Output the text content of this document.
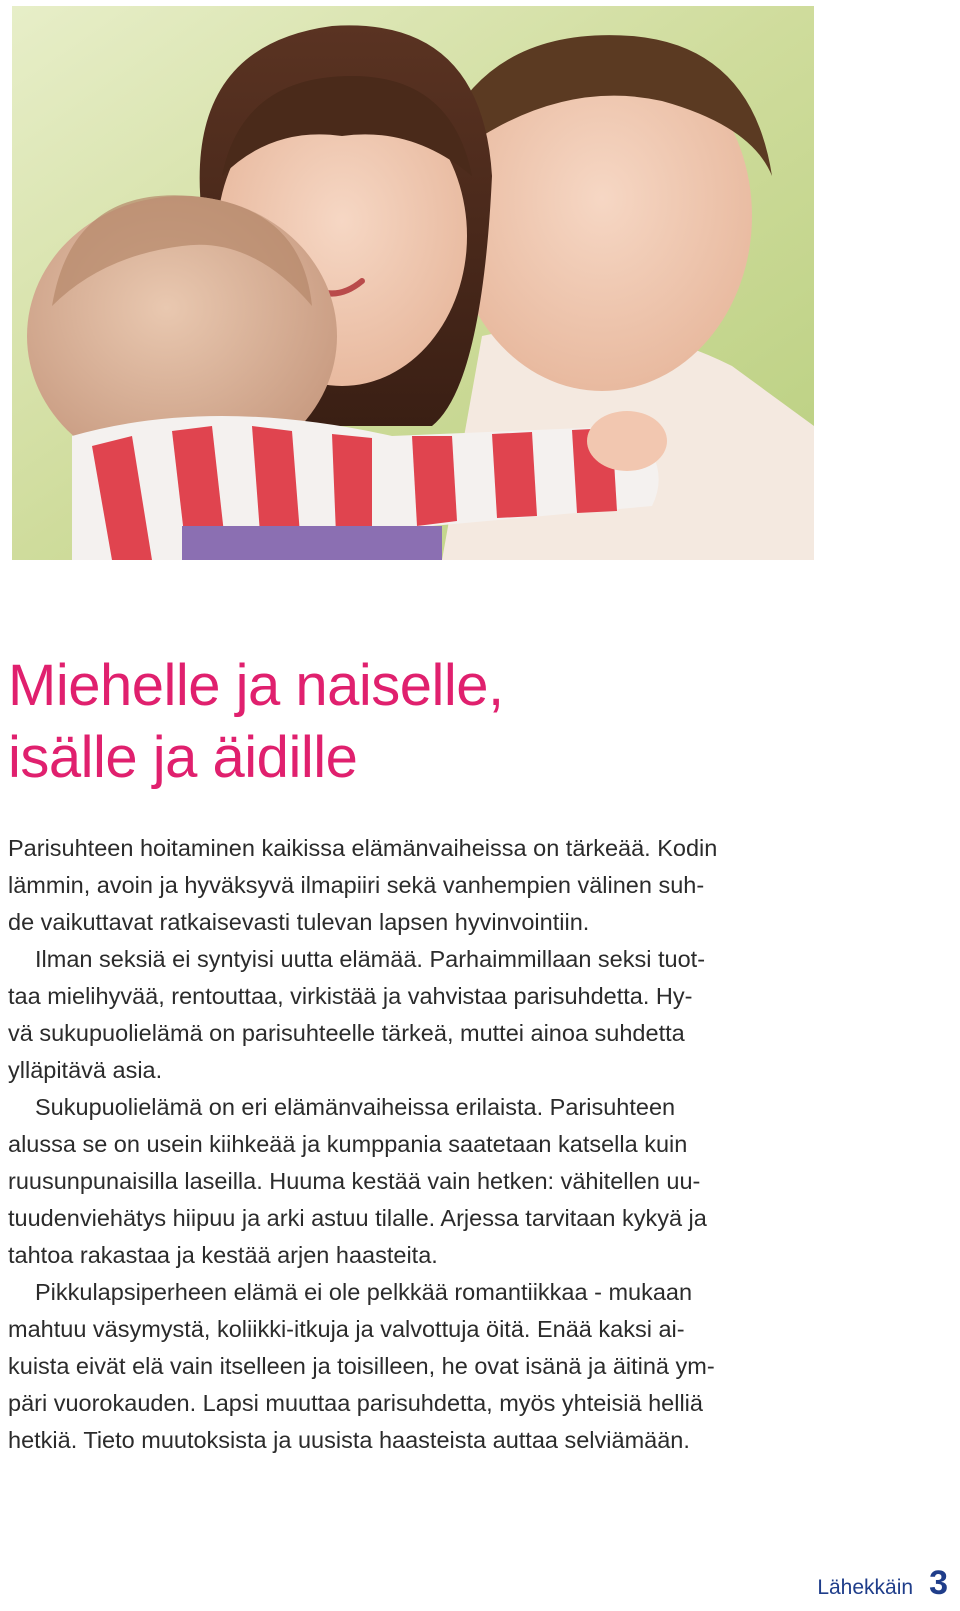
Miehelle ja naiselle,
isälle ja äidille

Parisuhteen hoitaminen kaikissa elämänvaiheissa on tärkeää. Kodin
lämmin, avoin ja hyväksyvä ilmapiiri sekä vanhempien välinen suh-
de vaikuttavat ratkaisevasti tulevan lapsen hyvinvointiin.

Ilman seksiä ei syntyisi uutta elämää. Parhaimmillaan seksi tuot-
taa mielihyvää, rentouttaa, virkistää ja vahvistaa parisuhdetta. Hy-
vä sukupuolielämä on parisuhteelle tärkeä, muttei ainoa suhdetta
ylläpitävä asia.

Sukupuolielämä on eri elämänvaiheissa erilaista. Parisuhteen
alussa se on usein kiihkeää ja kumppania saatetaan katsella kuin
ruusunpunaisilla laseilla. Huuma kestää vain hetken: vähitellen uu-
tuudenviehätys hiipuu ja arki astuu tilalle. Arjessa tarvitaan kykyä ja
tahtoa rakastaa ja kestää arjen haasteita.

Pikkulapsiperheen elämä ei ole pelkkää romantiikkaa - mukaan
mahtuu väsymystä, koliikki-itkuja ja valvottuja öitä. Enää kaksi ai-
kuista eivät elä vain itselleen ja toisilleen, he ovat isänä ja äitinä ym-
päri vuorokauden. Lapsi muuttaa parisuhdetta, myös yhteisiä helliä
hetkiä. Tieto muutoksista ja uusista haasteista auttaa selviämään.

Lähekkäin 3
